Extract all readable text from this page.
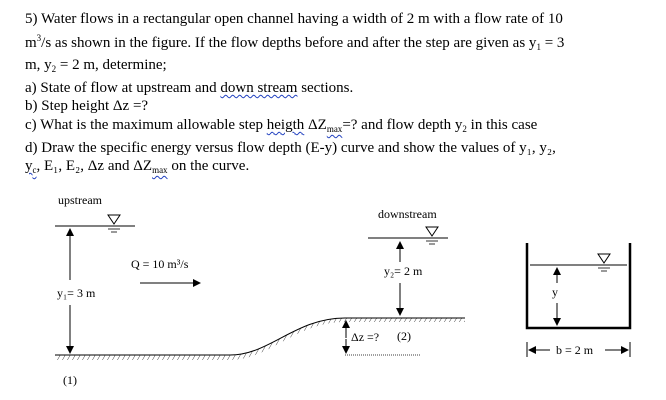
5) Water flows in a rectangular open channel having a width of 2 m with a flow rate of 10

$m^3/s$ as shown in the figure. If the flow depths before and after the step are given as $y_1 = 3$

m, $y_2 = 2$ m, determine;

a) State of flow at upstream and down stream sections.

b) Step height Δz =?

c) What is the maximum allowable step heigth $\Delta Z_{max}=$? and flow depth $y_2$ in this case

d) Draw the specific energy versus flow depth (E-y) curve and show the values of y₁, y₂,

$y_c$, E₁, E₂, Δz and $\Delta Z_{max}$ on the curve.

upstream
downstream
Q = 10 m³/s
y₁= 3 m
y₂= 2 m
Δz =? (2)
(1)
y
b = 2 m
